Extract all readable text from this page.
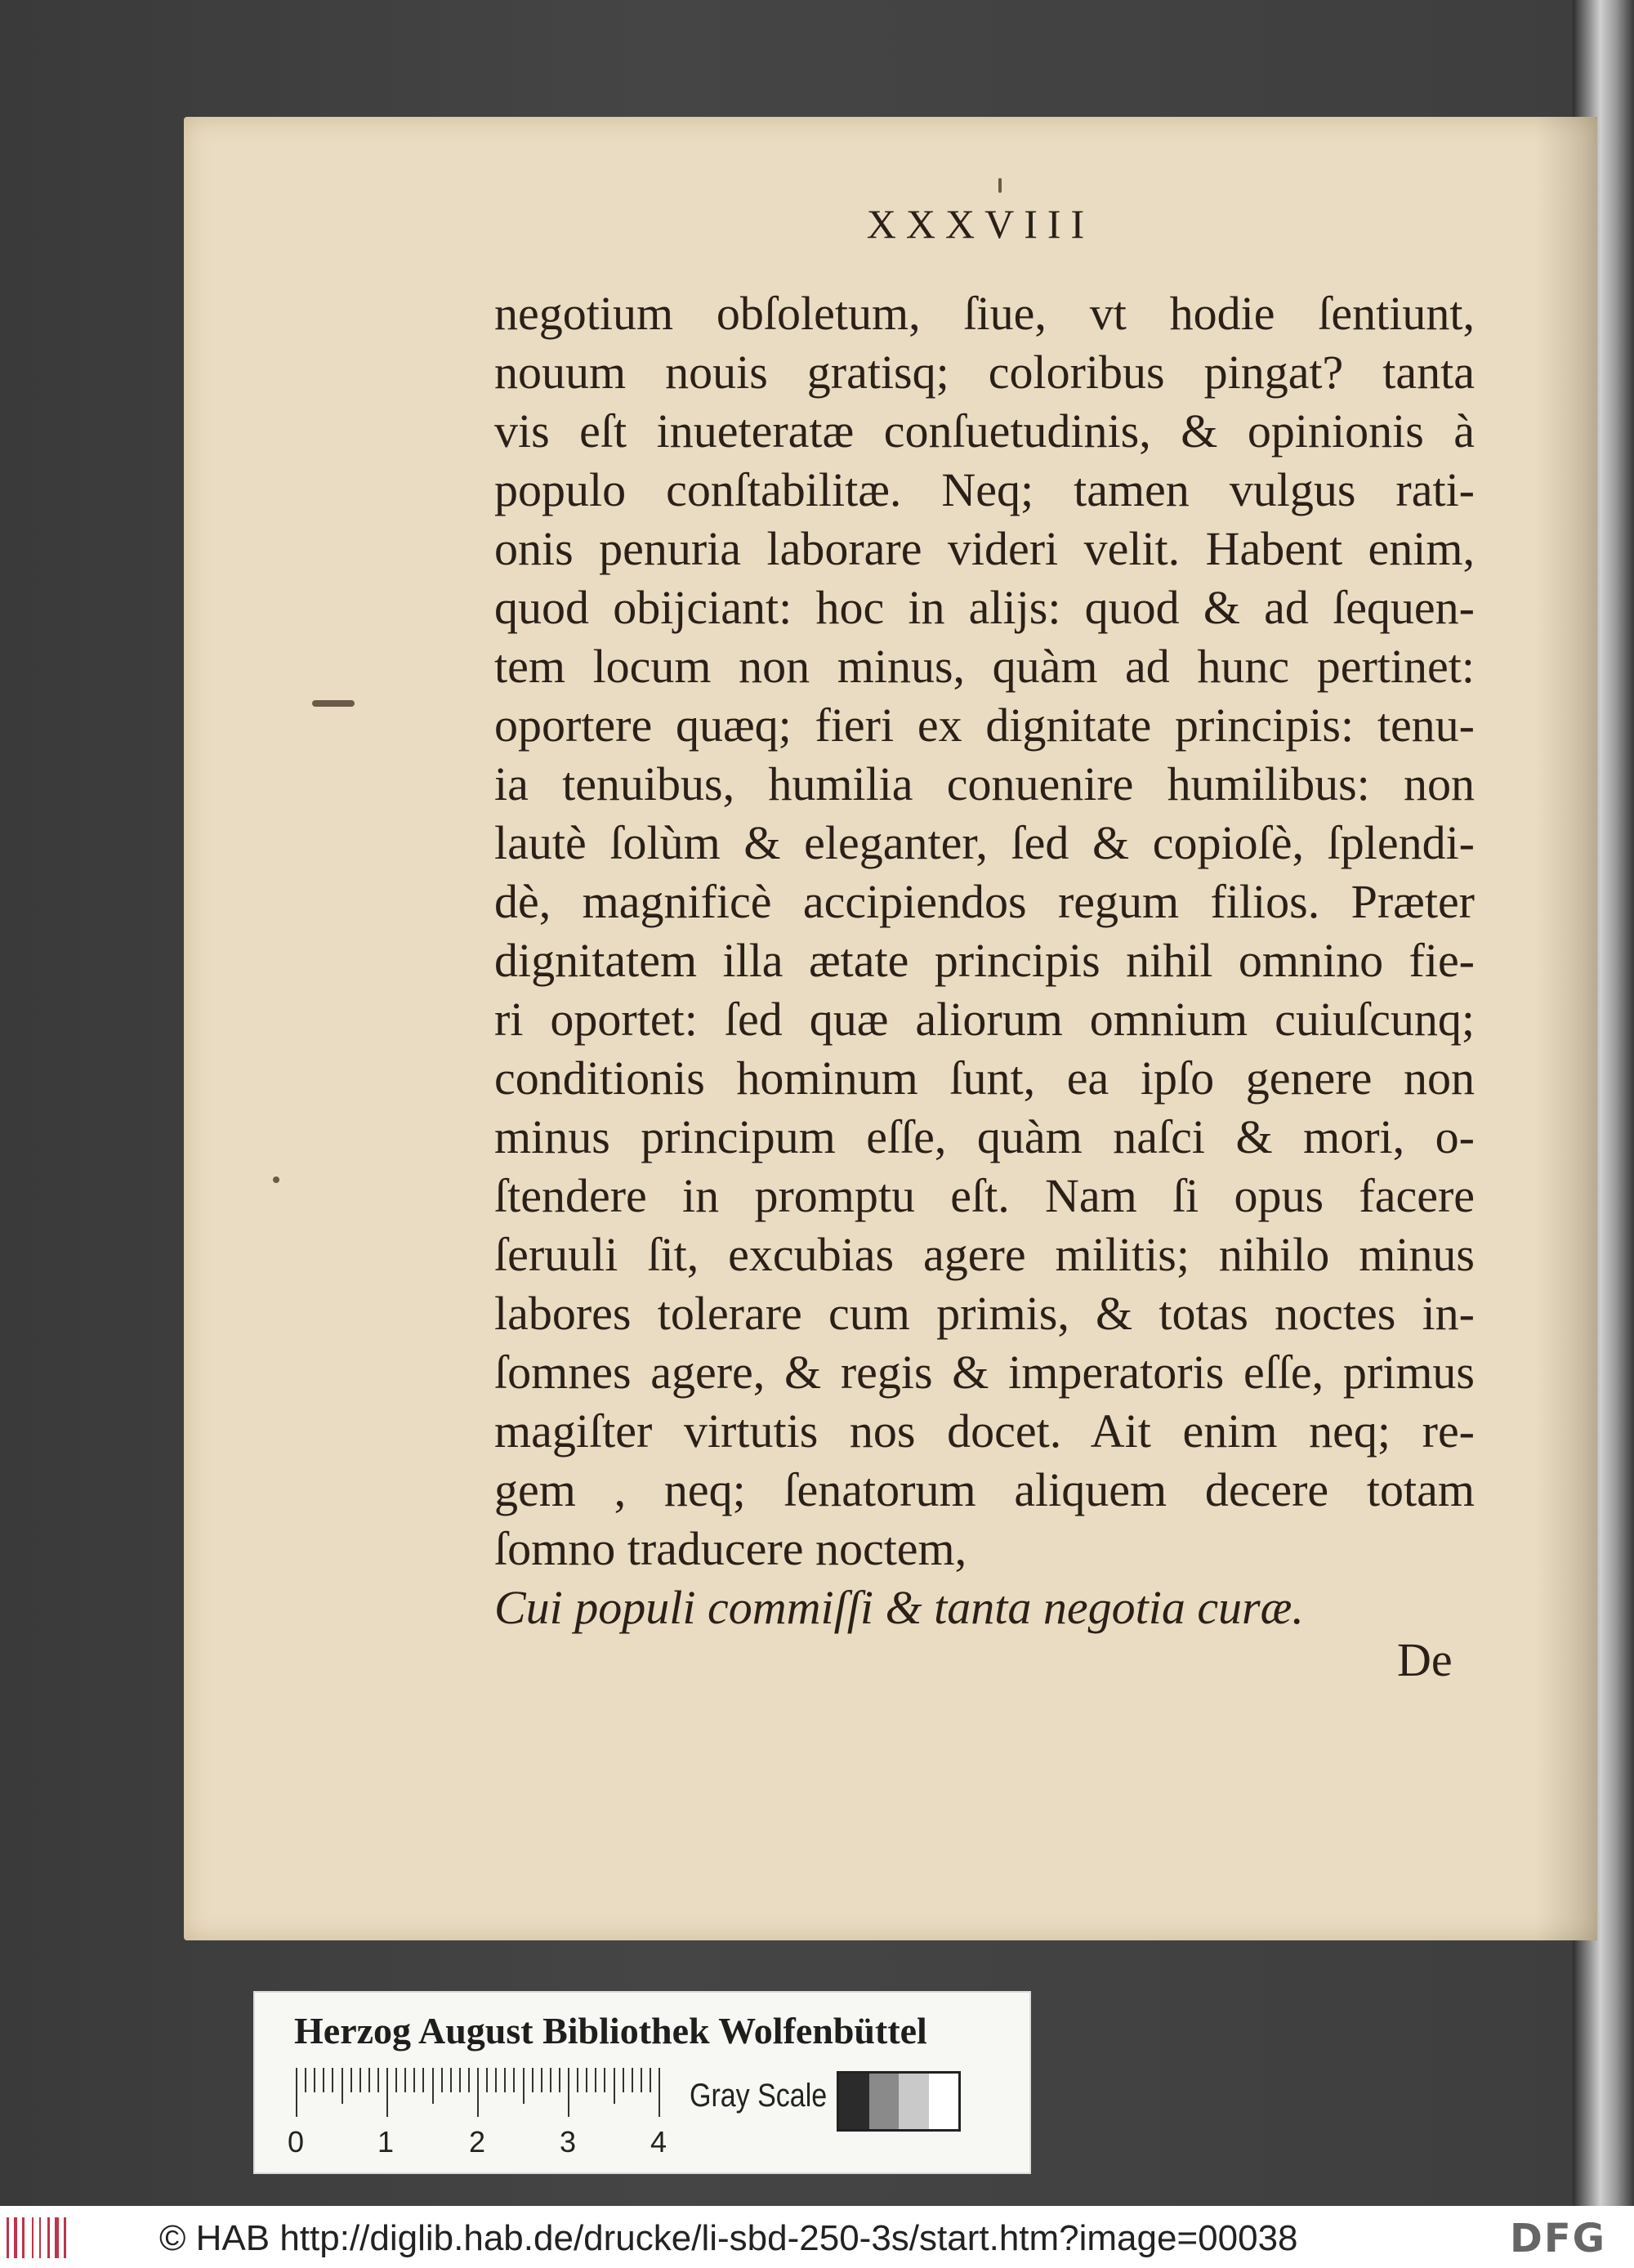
XXXVIII
negotium obſoletum, ſiue, vt hodie ſentiunt,
nouum nouis gratisq; coloribus pingat? tanta
vis eſt inueteratæ conſuetudinis, & opinionis à
populo conſtabilitæ. Neq; tamen vulgus rati-
onis penuria laborare videri velit. Habent enim,
quod obijciant: hoc in alijs: quod & ad ſequen-
tem locum non minus, quàm ad hunc pertinet:
oportere quæq; fieri ex dignitate principis: tenu-
ia tenuibus, humilia conuenire humilibus: non
lautè ſolùm & eleganter, ſed & copioſè, ſplendi-
dè, magnificè accipiendos regum filios. Præter
dignitatem illa ætate principis nihil omnino fie-
ri oportet: ſed quæ aliorum omnium cuiuſcunq;
conditionis hominum ſunt, ea ipſo genere non
minus principum eſſe, quàm naſci & mori, o-
ſtendere in promptu eſt. Nam ſi opus facere
ſeruuli ſit, excubias agere militis; nihilo minus
labores tolerare cum primis, & totas noctes in-
ſomnes agere, & regis & imperatoris eſſe, primus
magiſter virtutis nos docet. Ait enim neq; re-
gem , neq; ſenatorum aliquem decere totam
ſomno traducere noctem,
Cui populi commiſſi & tanta negotia curæ.
De
Herzog August Bibliothek Wolfenbüttel
0 1	2	3	4
Gray Scale
© HAB http://diglib.hab.de/drucke/li-sbd-250-3s/start.htm?image=00038	DFG
